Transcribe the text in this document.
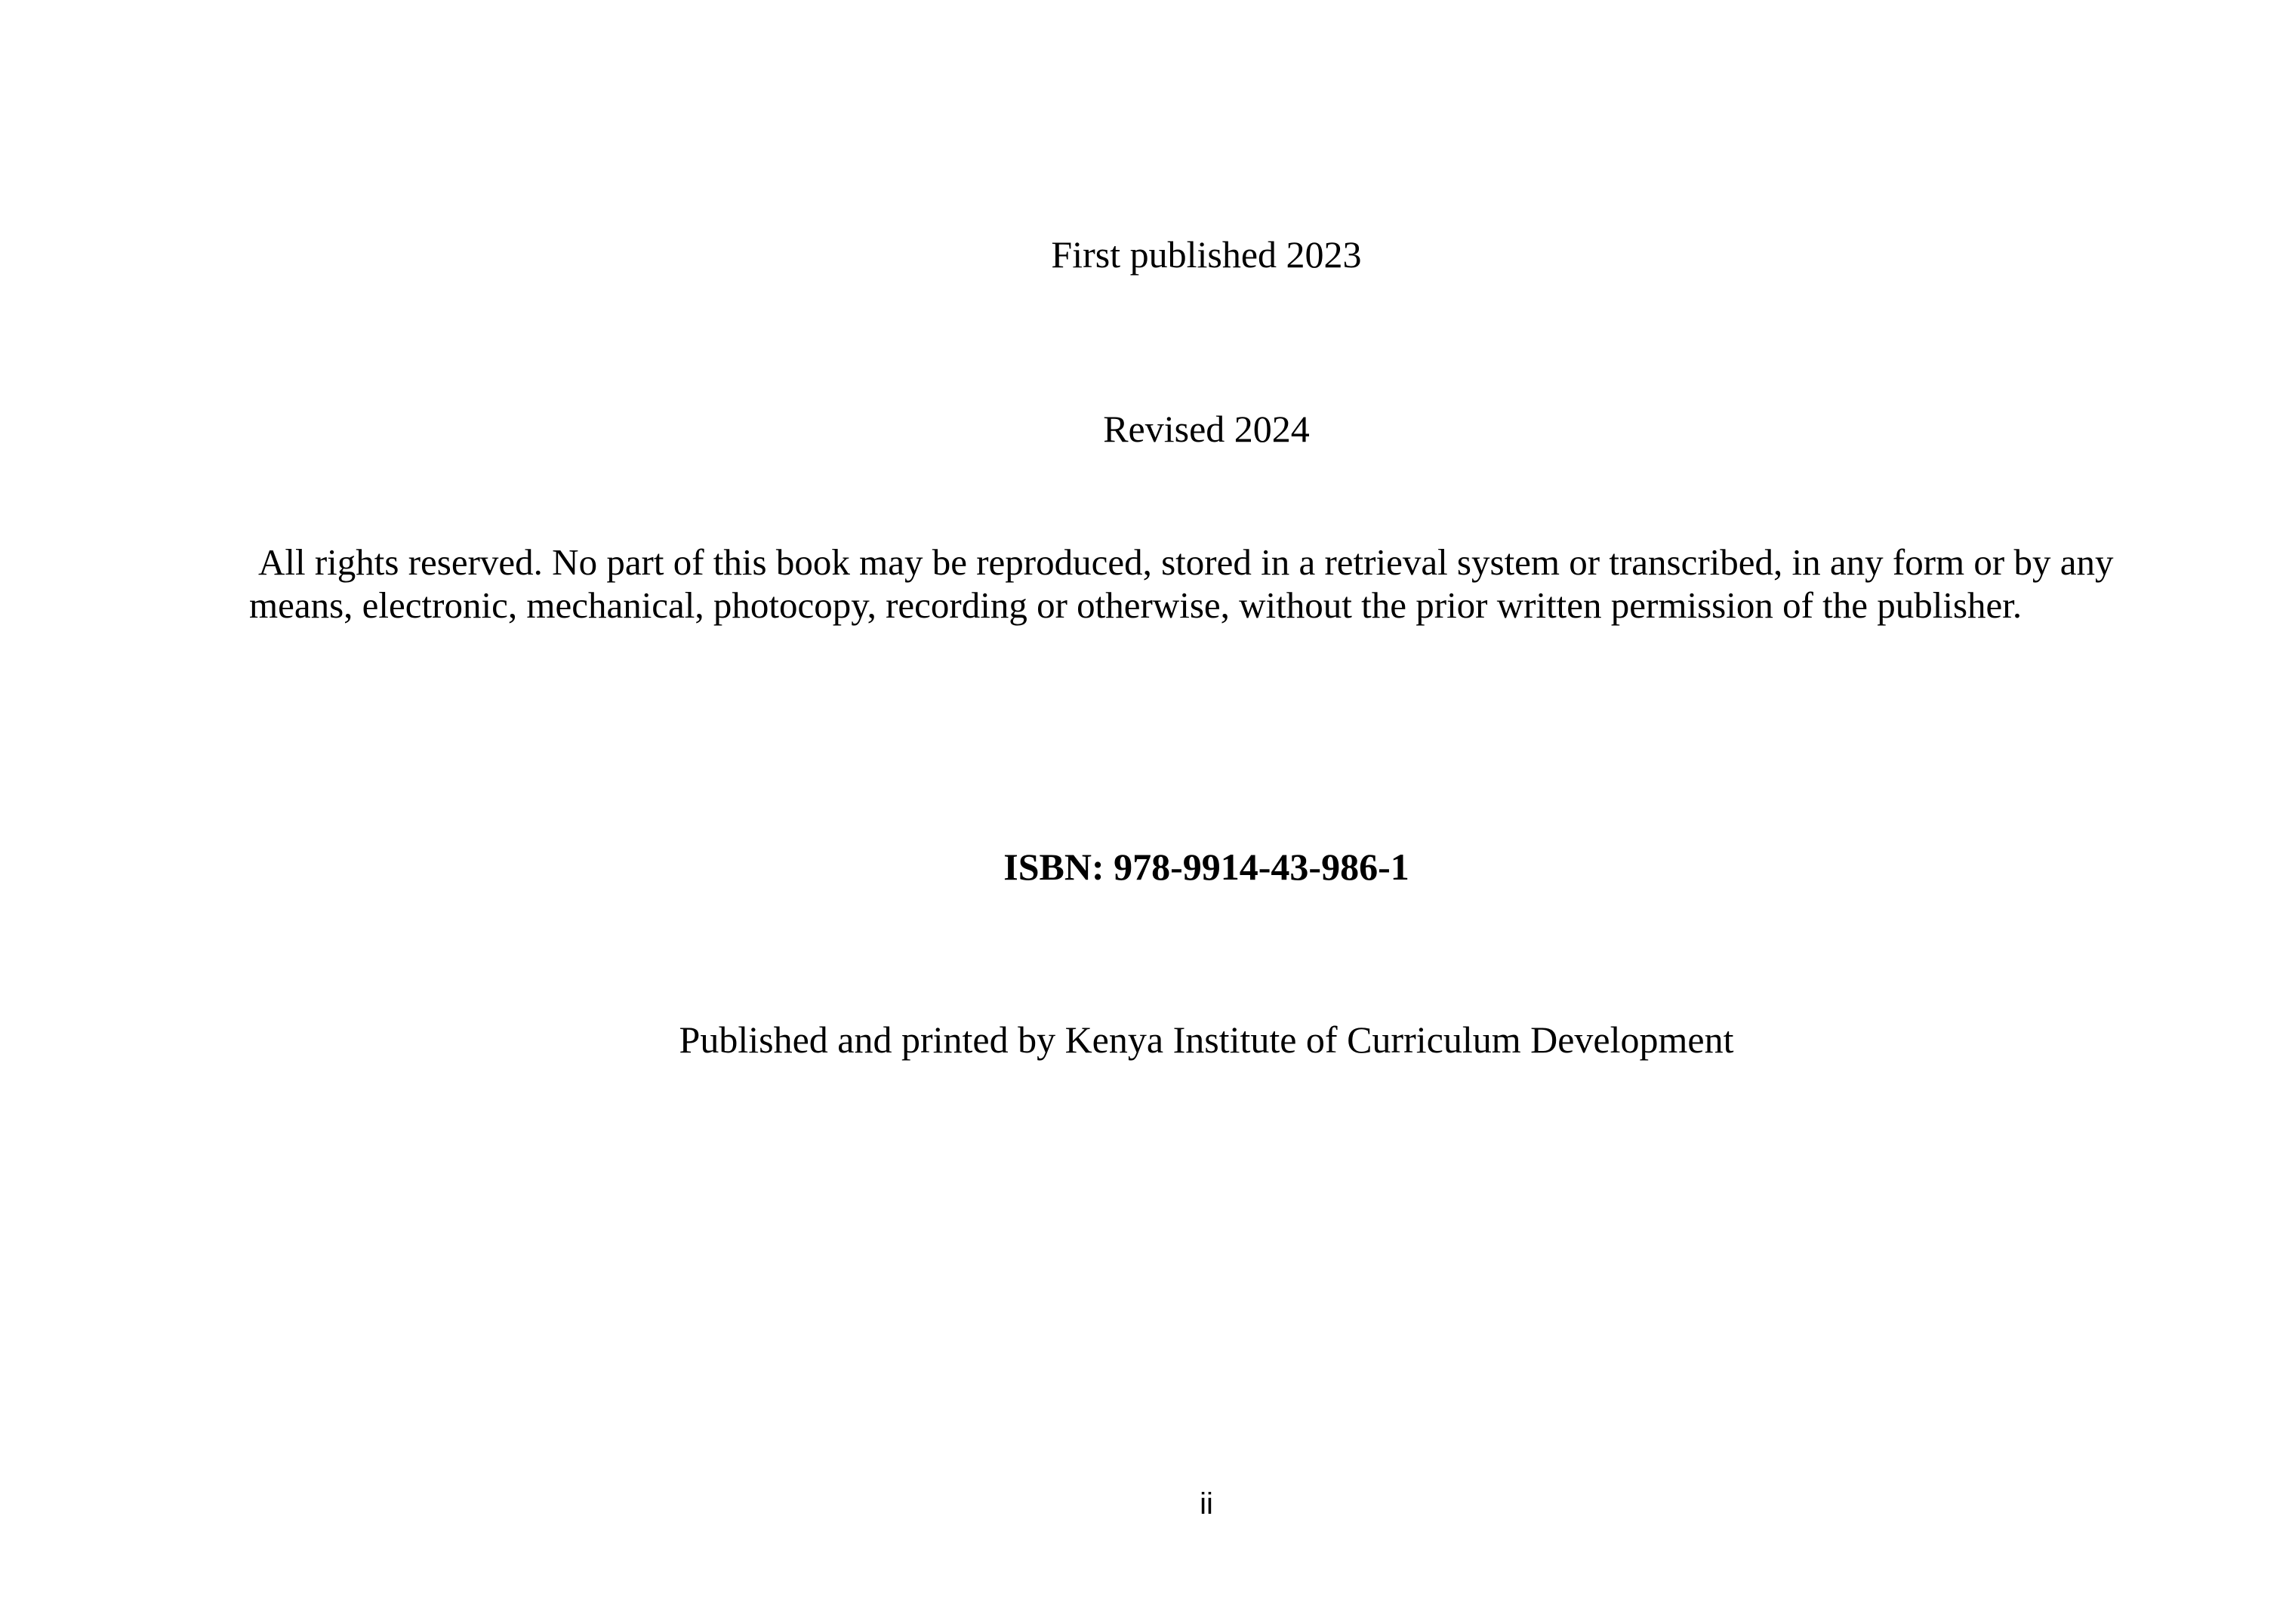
First published 2023

Revised 2024

All rights reserved. No part of this book may be reproduced, stored in a retrieval system or transcribed, in any form or by any
means, electronic, mechanical, photocopy, recording or otherwise, without the prior written permission of the publisher.

ISBN: 978-9914-43-986-1

Published and printed by Kenya Institute of Curriculum Development

ii
